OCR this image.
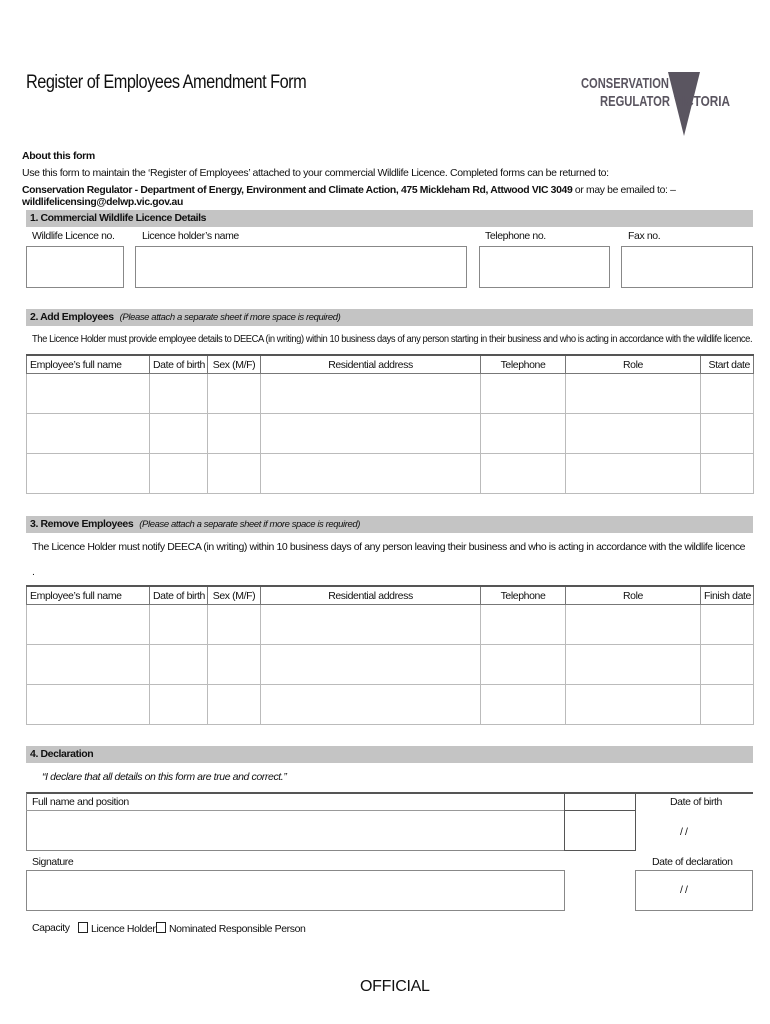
Register of Employees Amendment Form	CONSERVATION
REGULATOR VICTORIA
About this form
Use this form to maintain the ‘Register of Employees’ attached to your commercial Wildlife Licence. Completed forms can be returned to:
Conservation Regulator - Department of Energy, Environment and Climate Action, 475 Mickleham Rd, Attwood VIC 3049 or may be emailed to: – wildlifelicensing@delwp.vic.gov.au
1. Commercial Wildlife Licence Details
Wildlife Licence no.	Licence holder’s name	Telephone no.	Fax no.
2. Add Employees (Please attach a separate sheet if more space is required)
The Licence Holder must provide employee details to DEECA (in writing) within 10 business days of any person starting in their business and who is acting in accordance with the wildlife licence.
Employee’s full name	Date of birth	Sex (M/F)	Residential address	Telephone	Role	Start date

3. Remove Employees (Please attach a separate sheet if more space is required)
The Licence Holder must notify DEECA (in writing) within 10 business days of any person leaving their business and who is acting in accordance with the wildlife licence
.
Employee’s full name	Date of birth	Sex (M/F)	Residential address	Telephone	Role	Finish date

4. Declaration
“I declare that all details on this form are true and correct.”
Full name and position	Date of birth
/ /
Signature	Date of declaration
/ /
Capacity	Licence Holder	Nominated Responsible Person
OFFICIAL
